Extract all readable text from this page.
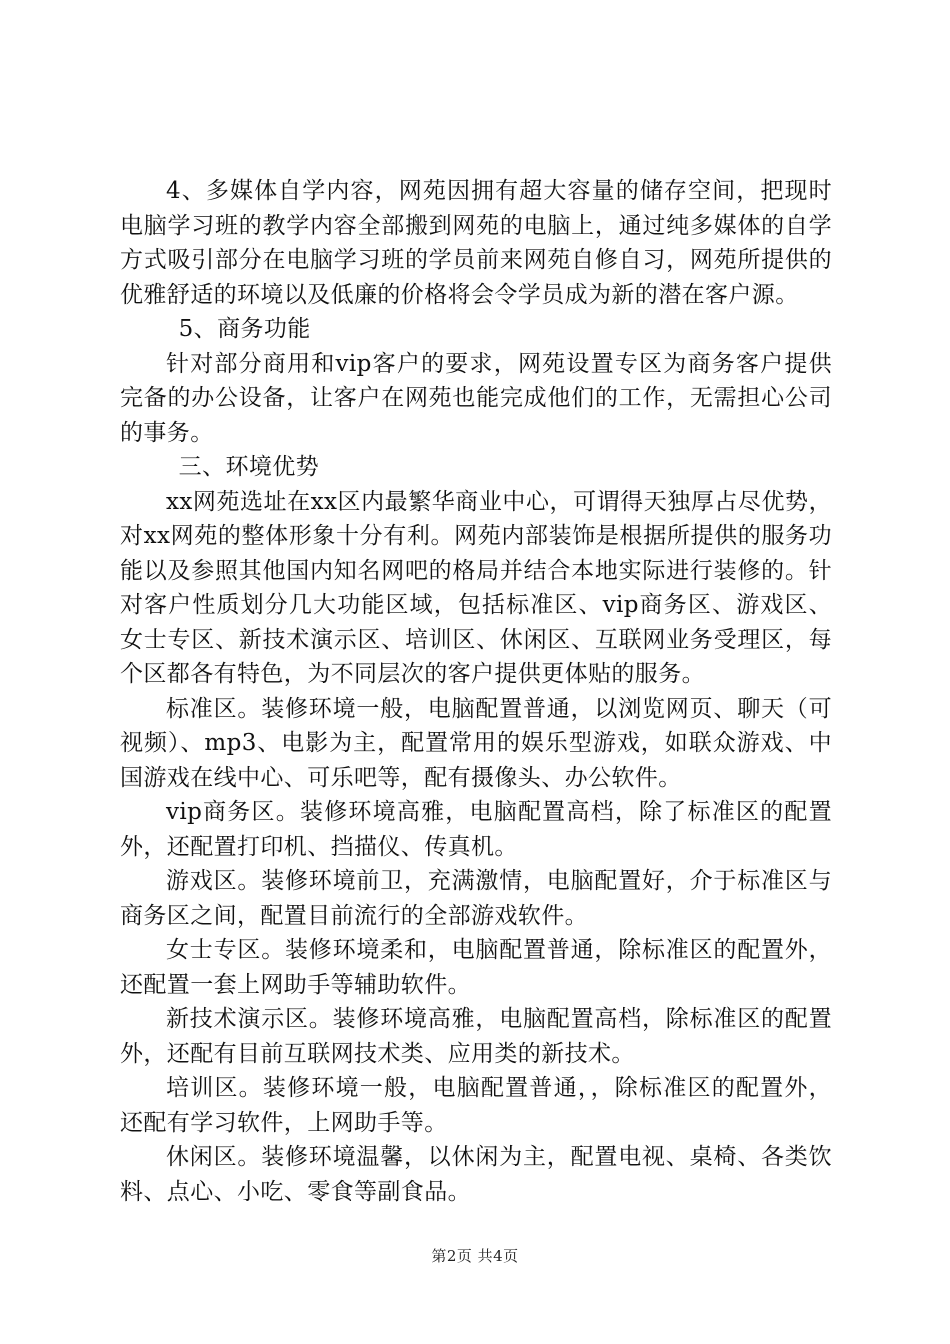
4、多媒体自学内容，网苑因拥有超大容量的储存空间，把现时电脑学习班的教学内容全部搬到网苑的电脑上，通过纯多媒体的自学方式吸引部分在电脑学习班的学员前来网苑自修自习，网苑所提供的优雅舒适的环境以及低廉的价格将会令学员成为新的潜在客户源。

5、商务功能

针对部分商用和vip客户的要求，网苑设置专区为商务客户提供完备的办公设备，让客户在网苑也能完成他们的工作，无需担心公司的事务。

三、环境优势

xx网苑选址在xx区内最繁华商业中心，可谓得天独厚占尽优势，对xx网苑的整体形象十分有利。网苑内部装饰是根据所提供的服务功能以及参照其他国内知名网吧的格局并结合本地实际进行装修的。针对客户性质划分几大功能区域，包括标准区、vip商务区、游戏区、女士专区、新技术演示区、培训区、休闲区、互联网业务受理区，每个区都各有特色，为不同层次的客户提供更体贴的服务。

标准区。装修环境一般，电脑配置普通，以浏览网页、聊天（可视频）、mp3、电影为主，配置常用的娱乐型游戏，如联众游戏、中国游戏在线中心、可乐吧等，配有摄像头、办公软件。

vip商务区。装修环境高雅，电脑配置高档，除了标准区的配置外，还配置打印机、挡描仪、传真机。

游戏区。装修环境前卫，充满激情，电脑配置好，介于标准区与商务区之间，配置目前流行的全部游戏软件。

女士专区。装修环境柔和，电脑配置普通，除标准区的配置外，还配置一套上网助手等辅助软件。

新技术演示区。装修环境高雅，电脑配置高档，除标准区的配置外，还配有目前互联网技术类、应用类的新技术。

培训区。装修环境一般，电脑配置普通，，除标准区的配置外，还配有学习软件，上网助手等。

休闲区。装修环境温馨，以休闲为主，配置电视、桌椅、各类饮料、点心、小吃、零食等副食品。

第2页 共4页
